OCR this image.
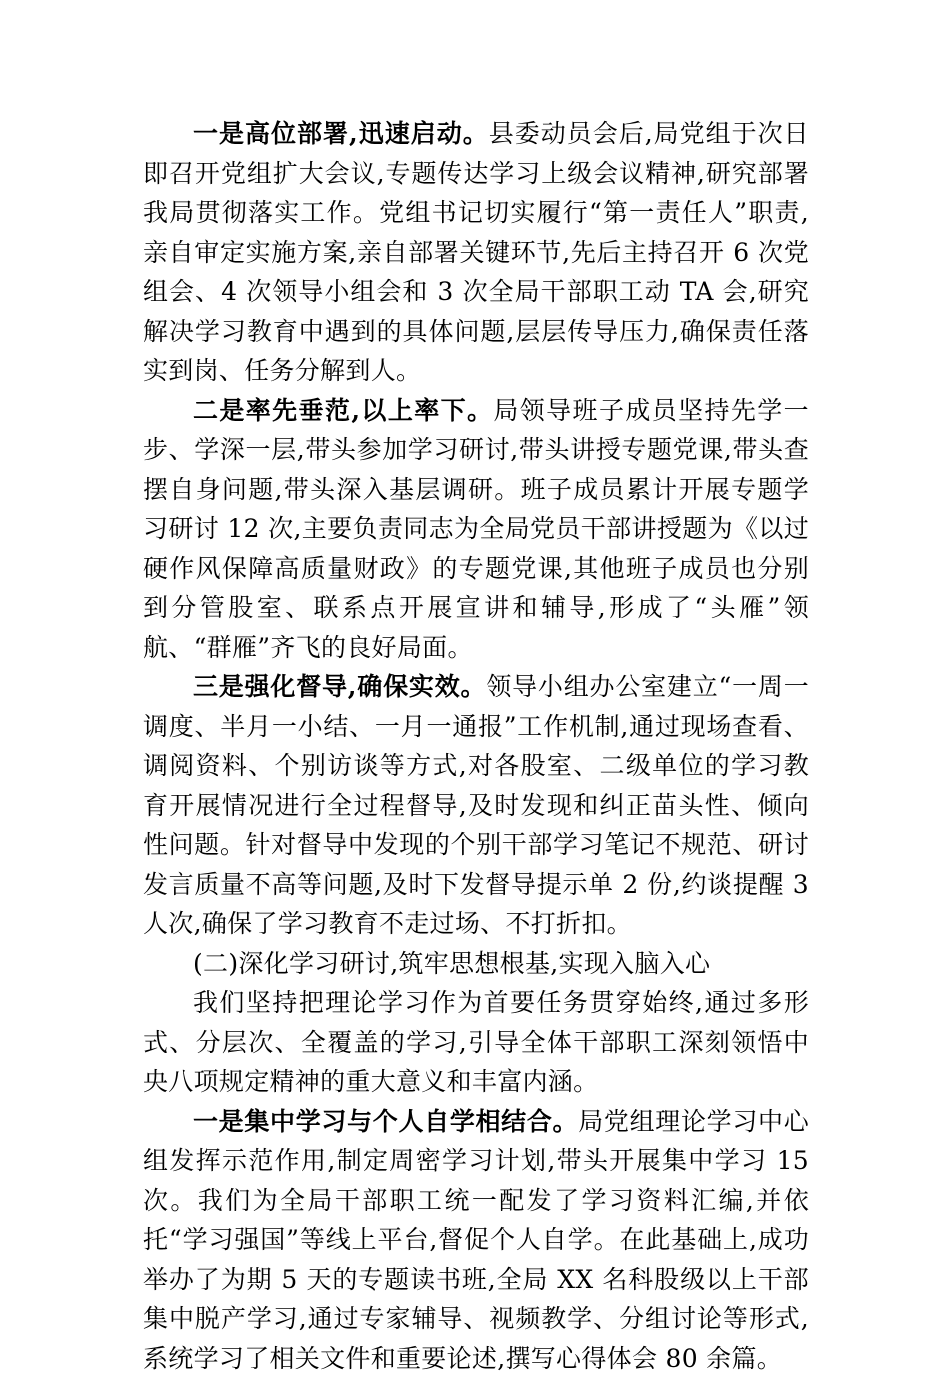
一是高位部署,迅速启动。县委动员会后,局党组于次日即召开党组扩大会议,专题传达学习上级会议精神,研究部署我局贯彻落实工作。党组书记切实履行“第一责任人”职责,亲自审定实施方案,亲自部署关键环节,先后主持召开 6 次党组会、4 次领导小组会和 3 次全局干部职工动 TA 会,研究解决学习教育中遇到的具体问题,层层传导压力,确保责任落实到岗、任务分解到人。

二是率先垂范,以上率下。局领导班子成员坚持先学一步、学深一层,带头参加学习研讨,带头讲授专题党课,带头查摆自身问题,带头深入基层调研。班子成员累计开展专题学习研讨 12 次,主要负责同志为全局党员干部讲授题为《以过硬作风保障高质量财政》的专题党课,其他班子成员也分别到分管股室、联系点开展宣讲和辅导,形成了“头雁”领航、“群雁”齐飞的良好局面。

三是强化督导,确保实效。领导小组办公室建立“一周一调度、半月一小结、一月一通报”工作机制,通过现场查看、调阅资料、个别访谈等方式,对各股室、二级单位的学习教育开展情况进行全过程督导,及时发现和纠正苗头性、倾向性问题。针对督导中发现的个别干部学习笔记不规范、研讨发言质量不高等问题,及时下发督导提示单 2 份,约谈提醒 3 人次,确保了学习教育不走过场、不打折扣。

(二)深化学习研讨,筑牢思想根基,实现入脑入心

我们坚持把理论学习作为首要任务贯穿始终,通过多形式、分层次、全覆盖的学习,引导全体干部职工深刻领悟中央八项规定精神的重大意义和丰富内涵。

一是集中学习与个人自学相结合。局党组理论学习中心组发挥示范作用,制定周密学习计划,带头开展集中学习 15 次。我们为全局干部职工统一配发了学习资料汇编,并依托“学习强国”等线上平台,督促个人自学。在此基础上,成功举办了为期 5 天的专题读书班,全局 XX 名科股级以上干部集中脱产学习,通过专家辅导、视频教学、分组讨论等形式,系统学习了相关文件和重要论述,撰写心得体会 80 余篇。
